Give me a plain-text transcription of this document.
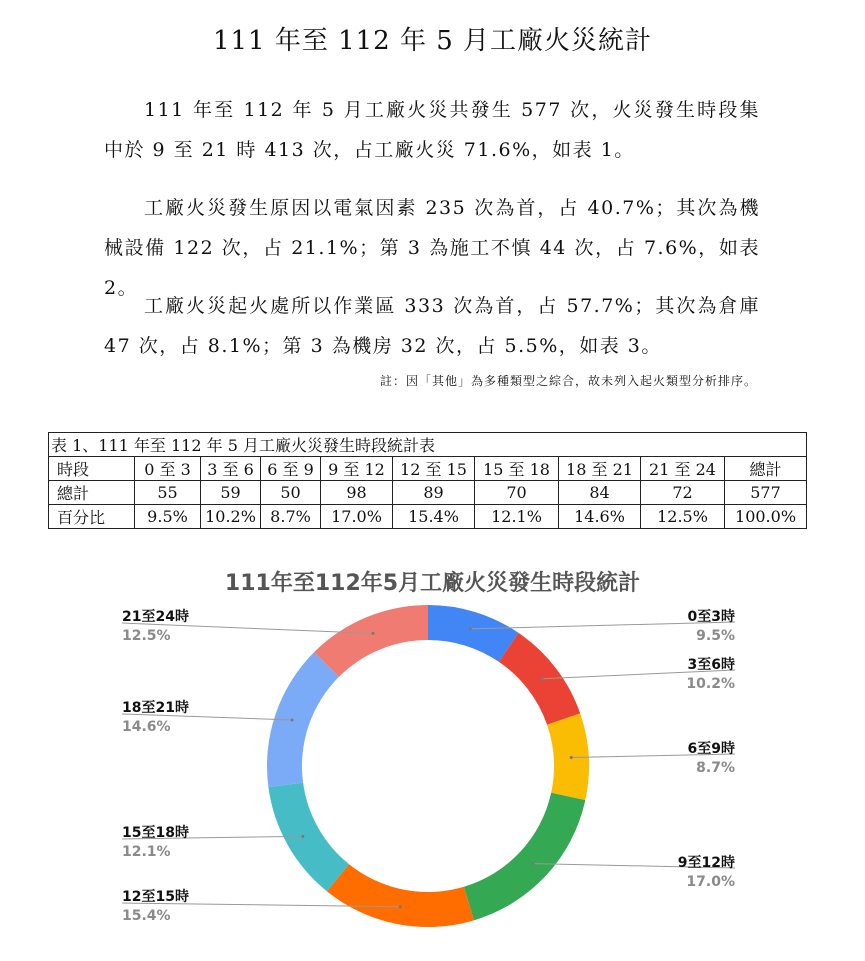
111 年至 112 年 5 月工廠火災統計

111 年至 112 年 5 月工廠火災共發生 577 次，火災發生時段集中於 9 至 21 時 413 次，占工廠火災 71.6%，如表 1。

工廠火災發生原因以電氣因素 235 次為首，占 40.7%；其次為機械設備 122 次，占 21.1%；第 3 為施工不慎 44 次，占 7.6%，如表 2。

工廠火災起火處所以作業區 333 次為首，占 57.7%；其次為倉庫 47 次，占 8.1%；第 3 為機房 32 次，占 5.5%，如表 3。

註：因「其他」為多種類型之綜合，故未列入起火類型分析排序。
表 1、111 年至 112 年 5 月工廠火災發生時段統計表									
時段	0 至 3	3 至 6	6 至 9	9 至 12	12 至 15	15 至 18	18 至 21	21 至 24	總計
總計	55	59	50	98	89	70	84	72	577
百分比	9.5%	10.2%	8.7%	17.0%	15.4%	12.1%	14.6%	12.5%	100.0%
111年至112年5月工廠火災發生時段統計
0至3時
9.5%
3至6時
10.2%
6至9時
8.7%
9至12時
17.0%
12至15時
15.4%
15至18時
12.1%
18至21時
14.6%
21至24時
12.5%
